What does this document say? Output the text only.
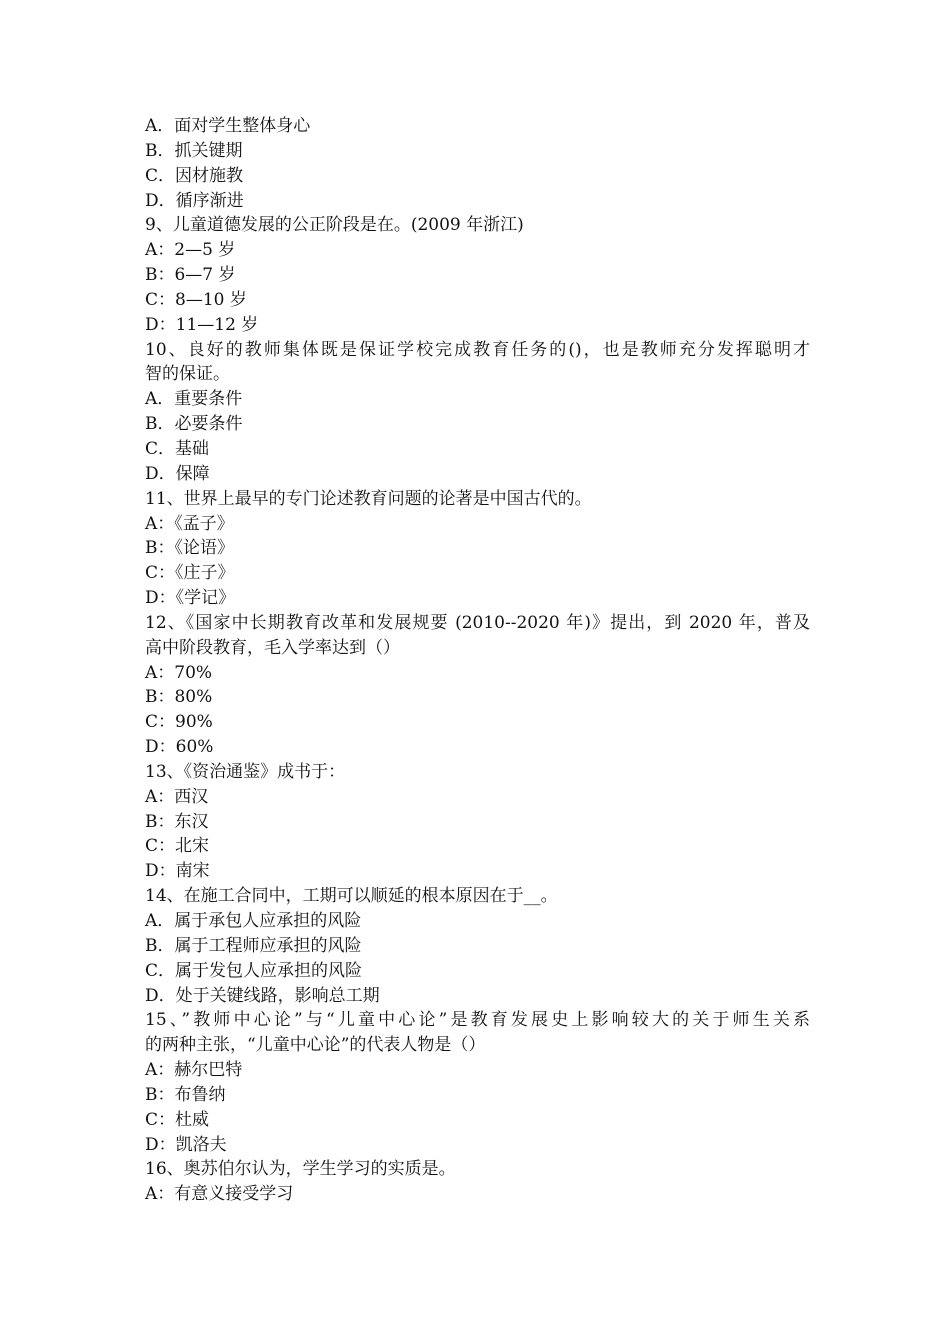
A．面对学生整体身心
B．抓关键期
C．因材施教
D．循序渐进
9、儿童道德发展的公正阶段是在。(2009 年浙江)
A：2—5 岁
B：6—7 岁
C：8—10 岁
D：11—12 岁
10、良好的教师集体既是保证学校完成教育任务的()，也是教师充分发挥聪明才
智的保证。
A．重要条件
B．必要条件
C．基础
D．保障
11、世界上最早的专门论述教育问题的论著是中国古代的。
A：《孟子》
B：《论语》
C：《庄子》
D：《学记》
12、《国家中长期教育改革和发展规要 (2010--2020 年)》提出，到 2020 年，普及
高中阶段教育，毛入学率达到（）
A：70%
B：80%
C：90%
D：60%
13、《资治通鉴》成书于：
A：西汉
B：东汉
C：北宋
D：南宋
14、在施工合同中，工期可以顺延的根本原因在于__。
A．属于承包人应承担的风险
B．属于工程师应承担的风险
C．属于发包人应承担的风险
D．处于关键线路，影响总工期
15、”教师中心论”与“儿童中心论”是教育发展史上影响较大的关于师生关系
的两种主张，“儿童中心论”的代表人物是（）
A：赫尔巴特
B：布鲁纳
C：杜威
D：凯洛夫
16、奥苏伯尔认为，学生学习的实质是。
A：有意义接受学习
